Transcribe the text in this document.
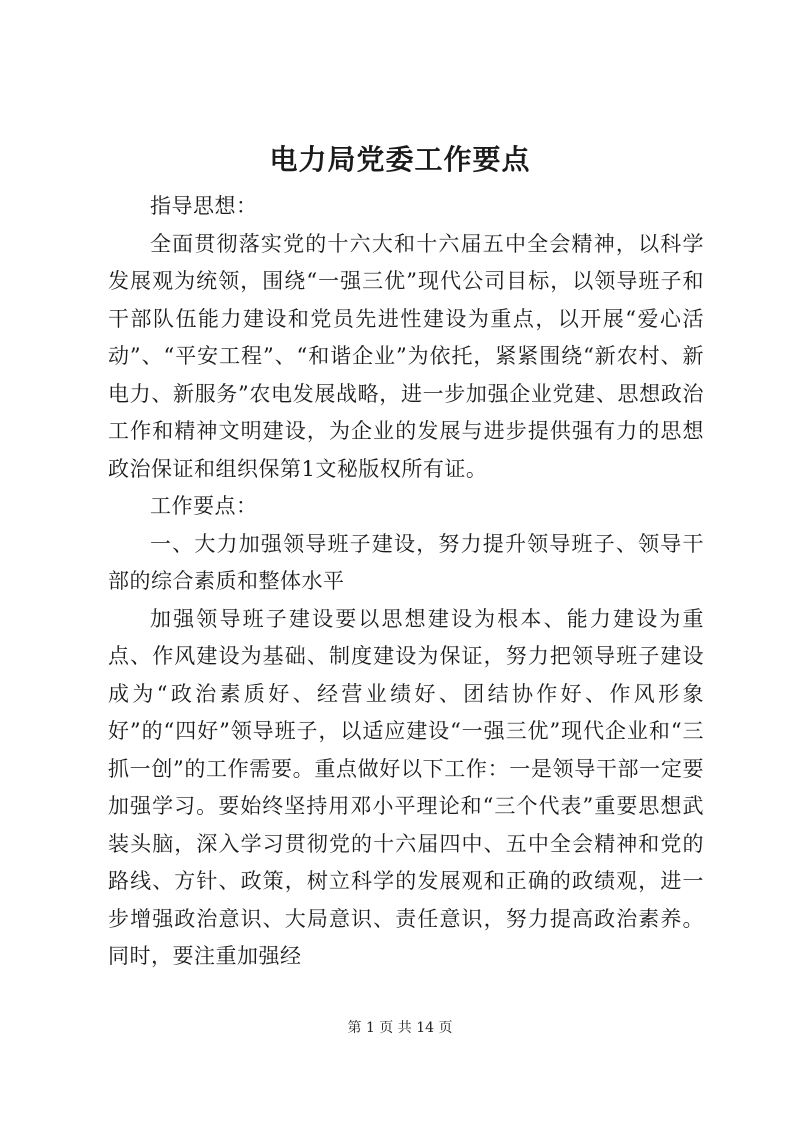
电力局党委工作要点

指导思想：

全面贯彻落实党的十六大和十六届五中全会精神，以科学发展观为统领，围绕“一强三优”现代公司目标，以领导班子和干部队伍能力建设和党员先进性建设为重点，以开展“爱心活动”、“平安工程”、“和谐企业”为依托，紧紧围绕“新农村、新电力、新服务”农电发展战略，进一步加强企业党建、思想政治工作和精神文明建设，为企业的发展与进步提供强有力的思想政治保证和组织保第1文秘版权所有证。

工作要点：

一、大力加强领导班子建设，努力提升领导班子、领导干部的综合素质和整体水平

加强领导班子建设要以思想建设为根本、能力建设为重点、作风建设为基础、制度建设为保证，努力把领导班子建设成为“政治素质好、经营业绩好、团结协作好、作风形象好”的“四好”领导班子，以适应建设“一强三优”现代企业和“三抓一创”的工作需要。重点做好以下工作：一是领导干部一定要加强学习。要始终坚持用邓小平理论和“三个代表”重要思想武装头脑，深入学习贯彻党的十六届四中、五中全会精神和党的路线、方针、政策，树立科学的发展观和正确的政绩观，进一步增强政治意识、大局意识、责任意识，努力提高政治素养。同时，要注重加强经

第 1 页 共 14 页
